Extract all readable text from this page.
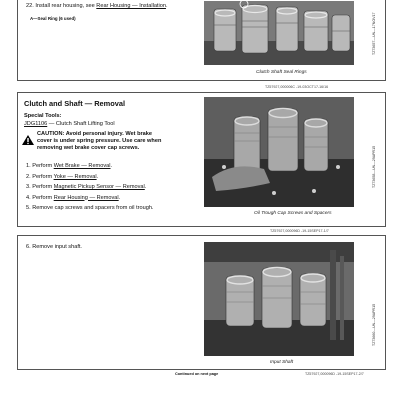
22. Install rear housing, see Rear Housing — Installation.
A—Seal Ring (6 used)
Clutch Shaft Seal Rings
TZ73657—UN—17NOV17
TZ57927,000006C -19-03OCT17-16/16
Clutch and Shaft — Removal
Special Tools:
JDG1106 — Clutch Shaft Lifting Tool
CAUTION: Avoid personal injury. Wet brake
cover is under spring pressure. Use care when
removing wet brake cover cap screws.
1. Perform Wet Brake — Removal.
2. Perform Yoke — Removal.
3. Perform Magnetic Pickup Sensor — Removal.
4. Perform Rear Housing — Removal.
5. Remove cap screws and spacers from oil trough.
Oil Trough Cap Screws and Spacers
TZ73658—UN—29APR15
TZ57927,000096D -19-15SEP17-1/7
6. Remove input shaft.
Input Shaft
TZ73660—UN—29APR15
Continued on next page	TZ57927,000096D -19-15SEP17-2/7
